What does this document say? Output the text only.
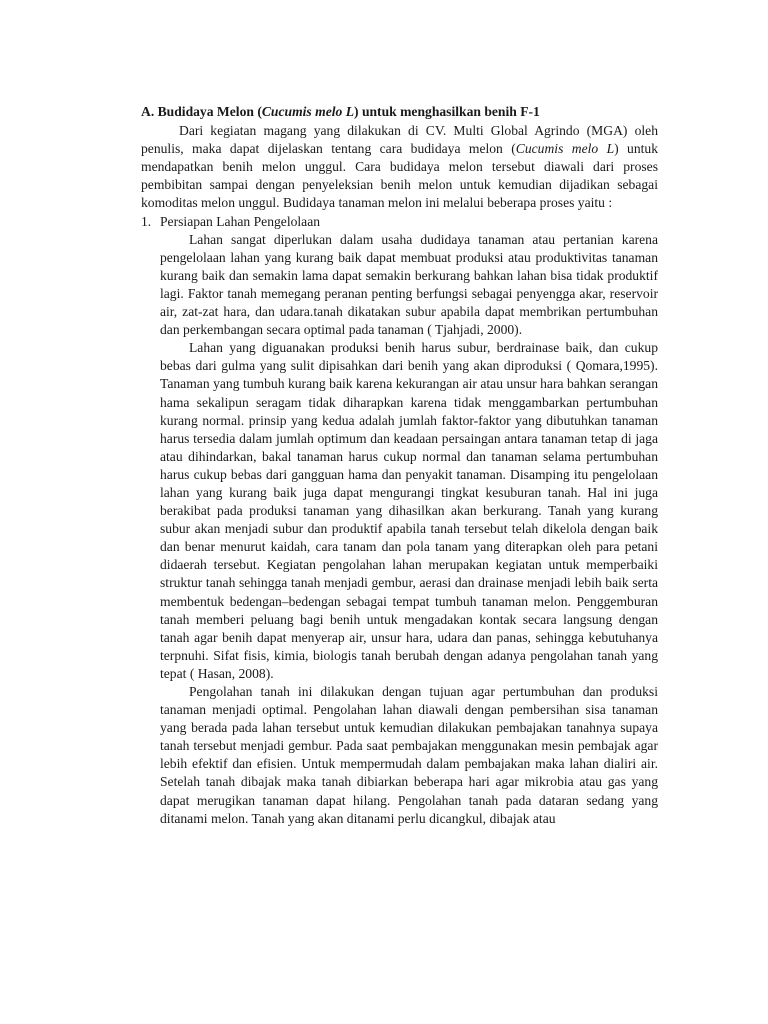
A. Budidaya Melon (Cucumis melo L) untuk menghasilkan benih F-1

Dari kegiatan magang yang dilakukan di CV. Multi Global Agrindo (MGA) oleh penulis, maka dapat dijelaskan tentang cara budidaya melon (Cucumis melo L) untuk mendapatkan benih melon unggul. Cara budidaya melon tersebut diawali dari proses pembibitan sampai dengan penyeleksian benih melon untuk kemudian dijadikan sebagai komoditas melon unggul. Budidaya tanaman melon ini melalui beberapa proses yaitu :

1. Persiapan Lahan Pengelolaan

Lahan sangat diperlukan dalam usaha dudidaya tanaman atau pertanian karena pengelolaan lahan yang kurang baik dapat membuat produksi atau produktivitas tanaman kurang baik dan semakin lama dapat semakin berkurang bahkan lahan bisa tidak produktif lagi. Faktor tanah memegang peranan penting berfungsi sebagai penyengga akar, reservoir air, zat-zat hara, dan udara.tanah dikatakan subur apabila dapat membrikan pertumbuhan dan perkembangan secara optimal pada tanaman ( Tjahjadi, 2000).

Lahan yang diguanakan produksi benih harus subur, berdrainase baik, dan cukup bebas dari gulma yang sulit dipisahkan dari benih yang akan diproduksi ( Qomara,1995). Tanaman yang tumbuh kurang baik karena kekurangan air atau unsur hara bahkan serangan hama sekalipun seragam tidak diharapkan karena tidak menggambarkan pertumbuhan kurang normal. prinsip yang kedua adalah jumlah faktor-faktor yang dibutuhkan tanaman harus tersedia dalam jumlah optimum dan keadaan persaingan antara tanaman tetap di jaga atau dihindarkan, bakal tanaman harus cukup normal dan tanaman selama pertumbuhan harus cukup bebas dari gangguan hama dan penyakit tanaman. Disamping itu pengelolaan lahan yang kurang baik juga dapat mengurangi tingkat kesuburan tanah. Hal ini juga berakibat pada produksi tanaman yang dihasilkan akan berkurang. Tanah yang kurang subur akan menjadi subur dan produktif apabila tanah tersebut telah dikelola dengan baik dan benar menurut kaidah, cara tanam dan pola tanam yang diterapkan oleh para petani didaerah tersebut. Kegiatan pengolahan lahan merupakan kegiatan untuk memperbaiki struktur tanah sehingga tanah menjadi gembur, aerasi dan drainase menjadi lebih baik serta membentuk bedengan–bedengan sebagai tempat tumbuh tanaman melon. Penggemburan tanah memberi peluang bagi benih untuk mengadakan kontak secara langsung dengan tanah agar benih dapat menyerap air, unsur hara, udara dan panas, sehingga kebutuhanya terpnuhi. Sifat fisis, kimia, biologis tanah berubah dengan adanya pengolahan tanah yang tepat ( Hasan, 2008).

Pengolahan tanah ini dilakukan dengan tujuan agar pertumbuhan dan produksi tanaman menjadi optimal. Pengolahan lahan diawali dengan pembersihan sisa tanaman yang berada pada lahan tersebut untuk kemudian dilakukan pembajakan tanahnya supaya tanah tersebut menjadi gembur. Pada saat pembajakan menggunakan mesin pembajak agar lebih efektif dan efisien. Untuk mempermudah dalam pembajakan maka lahan dialiri air. Setelah tanah dibajak maka tanah dibiarkan beberapa hari agar mikrobia atau gas yang dapat merugikan tanaman dapat hilang. Pengolahan tanah pada dataran sedang yang ditanami melon. Tanah yang akan ditanami perlu dicangkul, dibajak atau
